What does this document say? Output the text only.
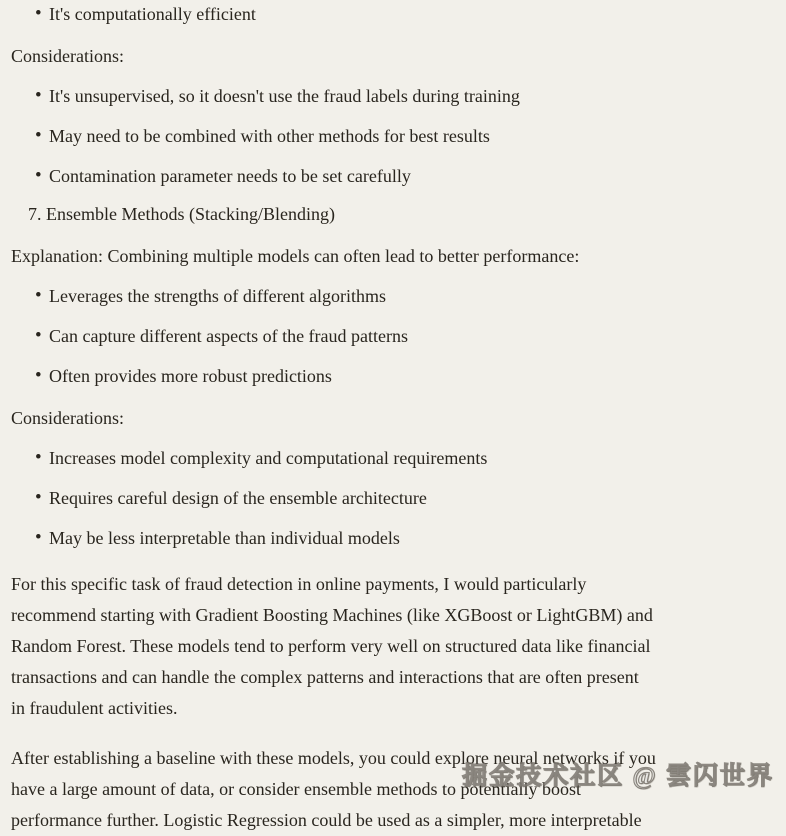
• It's computationally efficient
Considerations:
• It's unsupervised, so it doesn't use the fraud labels during training
• May need to be combined with other methods for best results
• Contamination parameter needs to be set carefully
7. Ensemble Methods (Stacking/Blending)
Explanation: Combining multiple models can often lead to better performance:
• Leverages the strengths of different algorithms
• Can capture different aspects of the fraud patterns
• Often provides more robust predictions
Considerations:
• Increases model complexity and computational requirements
• Requires careful design of the ensemble architecture
• May be less interpretable than individual models
For this specific task of fraud detection in online payments, I would particularly
recommend starting with Gradient Boosting Machines (like XGBoost or LightGBM) and
Random Forest. These models tend to perform very well on structured data like financial
transactions and can handle the complex patterns and interactions that are often present
in fraudulent activities.
After establishing a baseline with these models, you could explore neural networks if you
have a large amount of data, or consider ensemble methods to potentially boost
performance further. Logistic Regression could be used as a simpler, more interpretable
掘金技术社区 @ 雲闪世界
